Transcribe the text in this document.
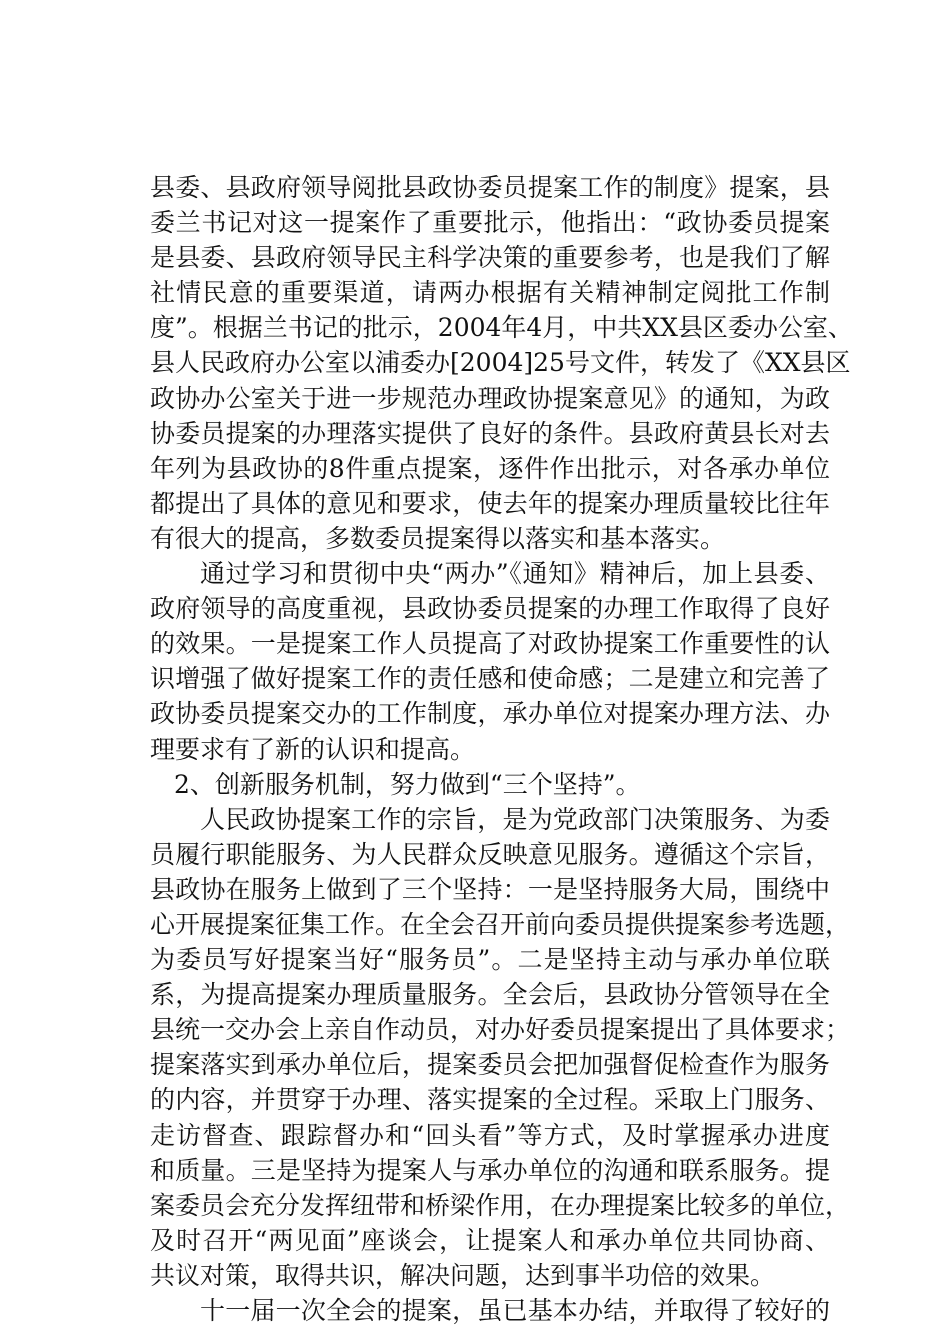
县委、县政府领导阅批县政协委员提案工作的制度》提案，县
委兰书记对这一提案作了重要批示，他指出：“政协委员提案
是县委、县政府领导民主科学决策的重要参考，也是我们了解
社情民意的重要渠道，请两办根据有关精神制定阅批工作制
度”。根据兰书记的批示，2004年4月，中共XX县区委办公室、
县人民政府办公室以浦委办[2004]25号文件，转发了《XX县区
政协办公室关于进一步规范办理政协提案意见》的通知，为政
协委员提案的办理落实提供了良好的条件。县政府黄县长对去
年列为县政协的8件重点提案，逐件作出批示，对各承办单位
都提出了具体的意见和要求，使去年的提案办理质量较比往年
有很大的提高，多数委员提案得以落实和基本落实。
通过学习和贯彻中央“两办”《通知》精神后，加上县委、
政府领导的高度重视，县政协委员提案的办理工作取得了良好
的效果。一是提案工作人员提高了对政协提案工作重要性的认
识增强了做好提案工作的责任感和使命感；二是建立和完善了
政协委员提案交办的工作制度，承办单位对提案办理方法、办
理要求有了新的认识和提高。
2、创新服务机制，努力做到“三个坚持”。
人民政协提案工作的宗旨，是为党政部门决策服务、为委
员履行职能服务、为人民群众反映意见服务。遵循这个宗旨，
县政协在服务上做到了三个坚持：一是坚持服务大局，围绕中
心开展提案征集工作。在全会召开前向委员提供提案参考选题，
为委员写好提案当好“服务员”。二是坚持主动与承办单位联
系，为提高提案办理质量服务。全会后，县政协分管领导在全
县统一交办会上亲自作动员，对办好委员提案提出了具体要求；
提案落实到承办单位后，提案委员会把加强督促检查作为服务
的内容，并贯穿于办理、落实提案的全过程。采取上门服务、
走访督查、跟踪督办和“回头看”等方式，及时掌握承办进度
和质量。三是坚持为提案人与承办单位的沟通和联系服务。提
案委员会充分发挥纽带和桥梁作用，在办理提案比较多的单位，
及时召开“两见面”座谈会，让提案人和承办单位共同协商、
共议对策，取得共识，解决问题，达到事半功倍的效果。
十一届一次全会的提案，虽已基本办结，并取得了较好的
